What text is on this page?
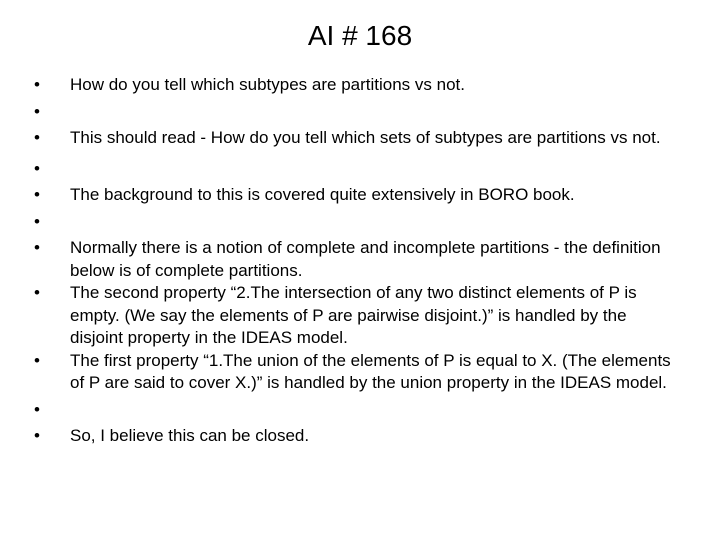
AI # 168
• How do you tell which subtypes are partitions vs not.
•
• This should read - How do you tell which sets of subtypes are partitions vs not.
•
• The background to this is covered quite extensively in BORO book.
•
• Normally there is a notion of complete and incomplete partitions - the definition below is of complete partitions.
• The second property “2.The intersection of any two distinct elements of P is empty. (We say the elements of P are pairwise disjoint.)” is handled by the disjoint property in the IDEAS model.
• The first property “1.The union of the elements of P is equal to X. (The elements of P are said to cover X.)” is handled by the union property in the IDEAS model.
•
• So, I believe this can be closed.
